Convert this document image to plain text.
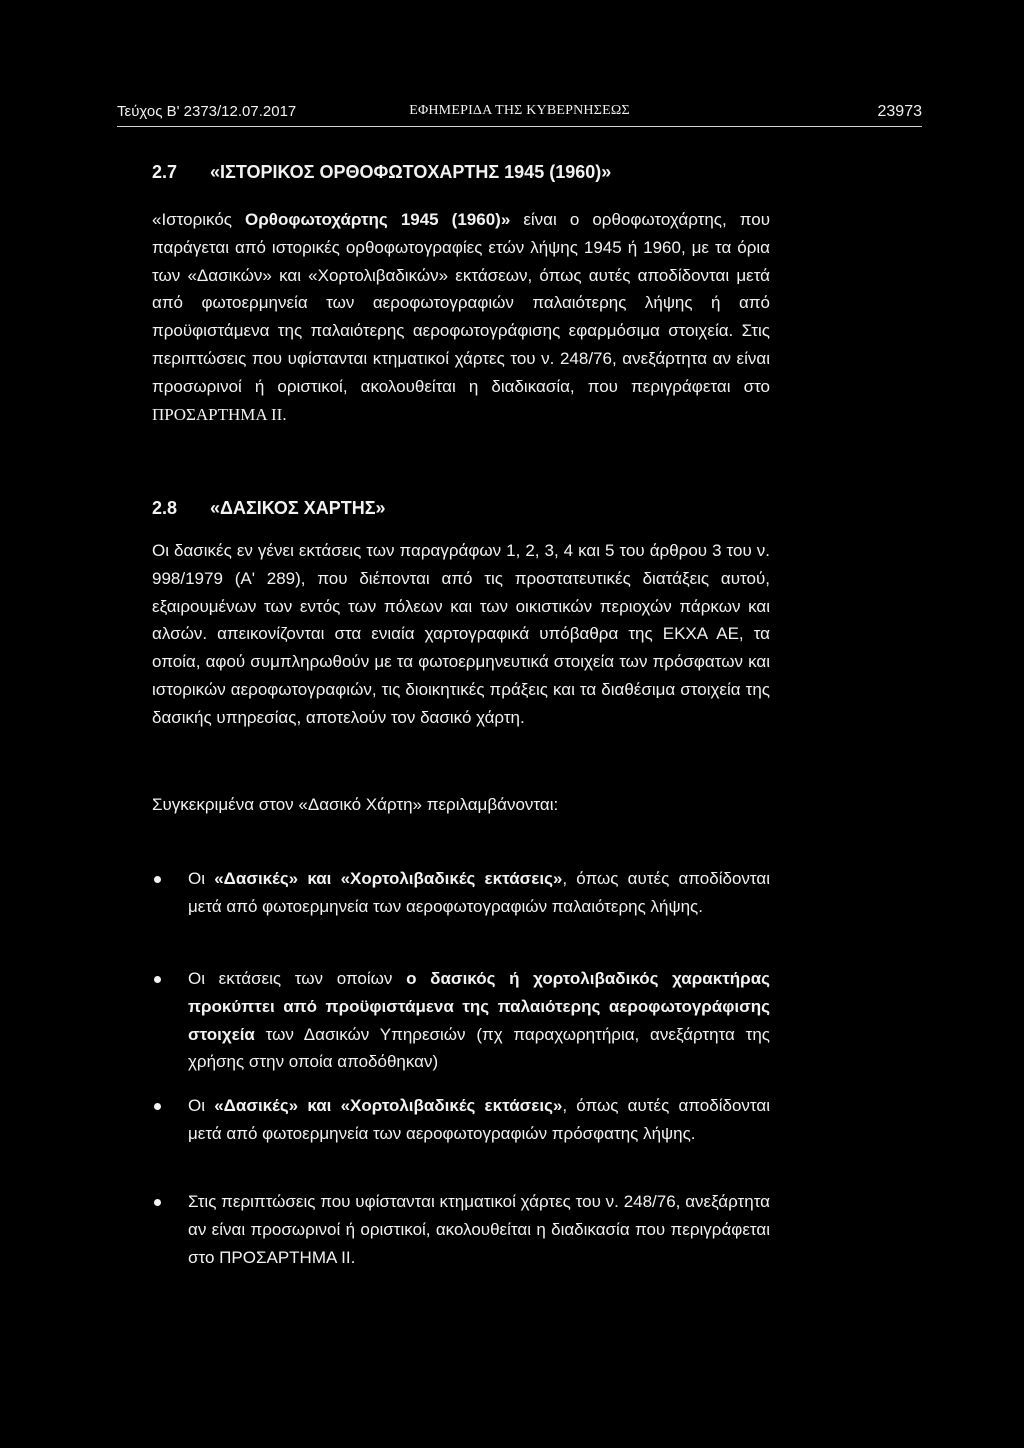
Τεύχος Β' 2373/12.07.2017	ΕΦΗΜΕΡΙΔΑ ΤΗΣ ΚΥΒΕΡΝΗΣΕΩΣ	23973
2.7 «ΙΣΤΟΡΙΚΟΣ ΟΡΘΟΦΩΤΟΧΑΡΤΗΣ 1945 (1960)»
«Ιστορικός Ορθοφωτοχάρτης 1945 (1960)» είναι ο ορθοφωτοχάρτης, που παράγεται από ιστορικές ορθοφωτογραφίες ετών λήψης 1945 ή 1960, με τα όρια των «Δασικών» και «Χορτολιβαδικών» εκτάσεων, όπως αυτές αποδίδονται μετά από φωτοερμηνεία των αεροφωτογραφιών παλαιότερης λήψης ή από προϋφιστάμενα της παλαιότερης αεροφωτογράφισης εφαρμόσιμα στοιχεία. Στις περιπτώσεις που υφίστανται κτηματικοί χάρτες του ν. 248/76, ανεξάρτητα αν είναι προσωρινοί ή οριστικοί, ακολουθείται η διαδικασία, που περιγράφεται στο ΠΡΟΣΑΡΤΗΜΑ ΙΙ.
2.8 «ΔΑΣΙΚΟΣ ΧΑΡΤΗΣ»
Οι δασικές εν γένει εκτάσεις των παραγράφων 1, 2, 3, 4 και 5 του άρθρου 3 του ν. 998/1979 (Α' 289), που διέπονται από τις προστατευτικές διατάξεις αυτού, εξαιρουμένων των εντός των πόλεων και των οικιστικών περιοχών πάρκων και αλσών. απεικονίζονται στα ενιαία χαρτογραφικά υπόβαθρα της ΕΚΧΑ ΑΕ, τα οποία, αφού συμπληρωθούν με τα φωτοερμηνευτικά στοιχεία των πρόσφατων και ιστορικών αεροφωτογραφιών, τις διοικητικές πράξεις και τα διαθέσιμα στοιχεία της δασικής υπηρεσίας, αποτελούν τον δασικό χάρτη.
Συγκεκριμένα στον «Δασικό Χάρτη» περιλαμβάνονται:
Οι «Δασικές» και «Χορτολιβαδικές εκτάσεις», όπως αυτές αποδίδονται μετά από φωτοερμηνεία των αεροφωτογραφιών παλαιότερης λήψης.
Οι εκτάσεις των οποίων ο δασικός ή χορτολιβαδικός χαρακτήρας προκύπτει από προϋφιστάμενα της παλαιότερης αεροφωτογράφισης στοιχεία των Δασικών Υπηρεσιών (πχ παραχωρητήρια, ανεξάρτητα της χρήσης στην οποία αποδόθηκαν)
Οι «Δασικές» και «Χορτολιβαδικές εκτάσεις», όπως αυτές αποδίδονται μετά από φωτοερμηνεία των αεροφωτογραφιών πρόσφατης λήψης.
Στις περιπτώσεις που υφίστανται κτηματικοί χάρτες του ν. 248/76, ανεξάρτητα αν είναι προσωρινοί ή οριστικοί, ακολουθείται η διαδικασία που περιγράφεται στο ΠΡΟΣΑΡΤΗΜΑ ΙΙ.
